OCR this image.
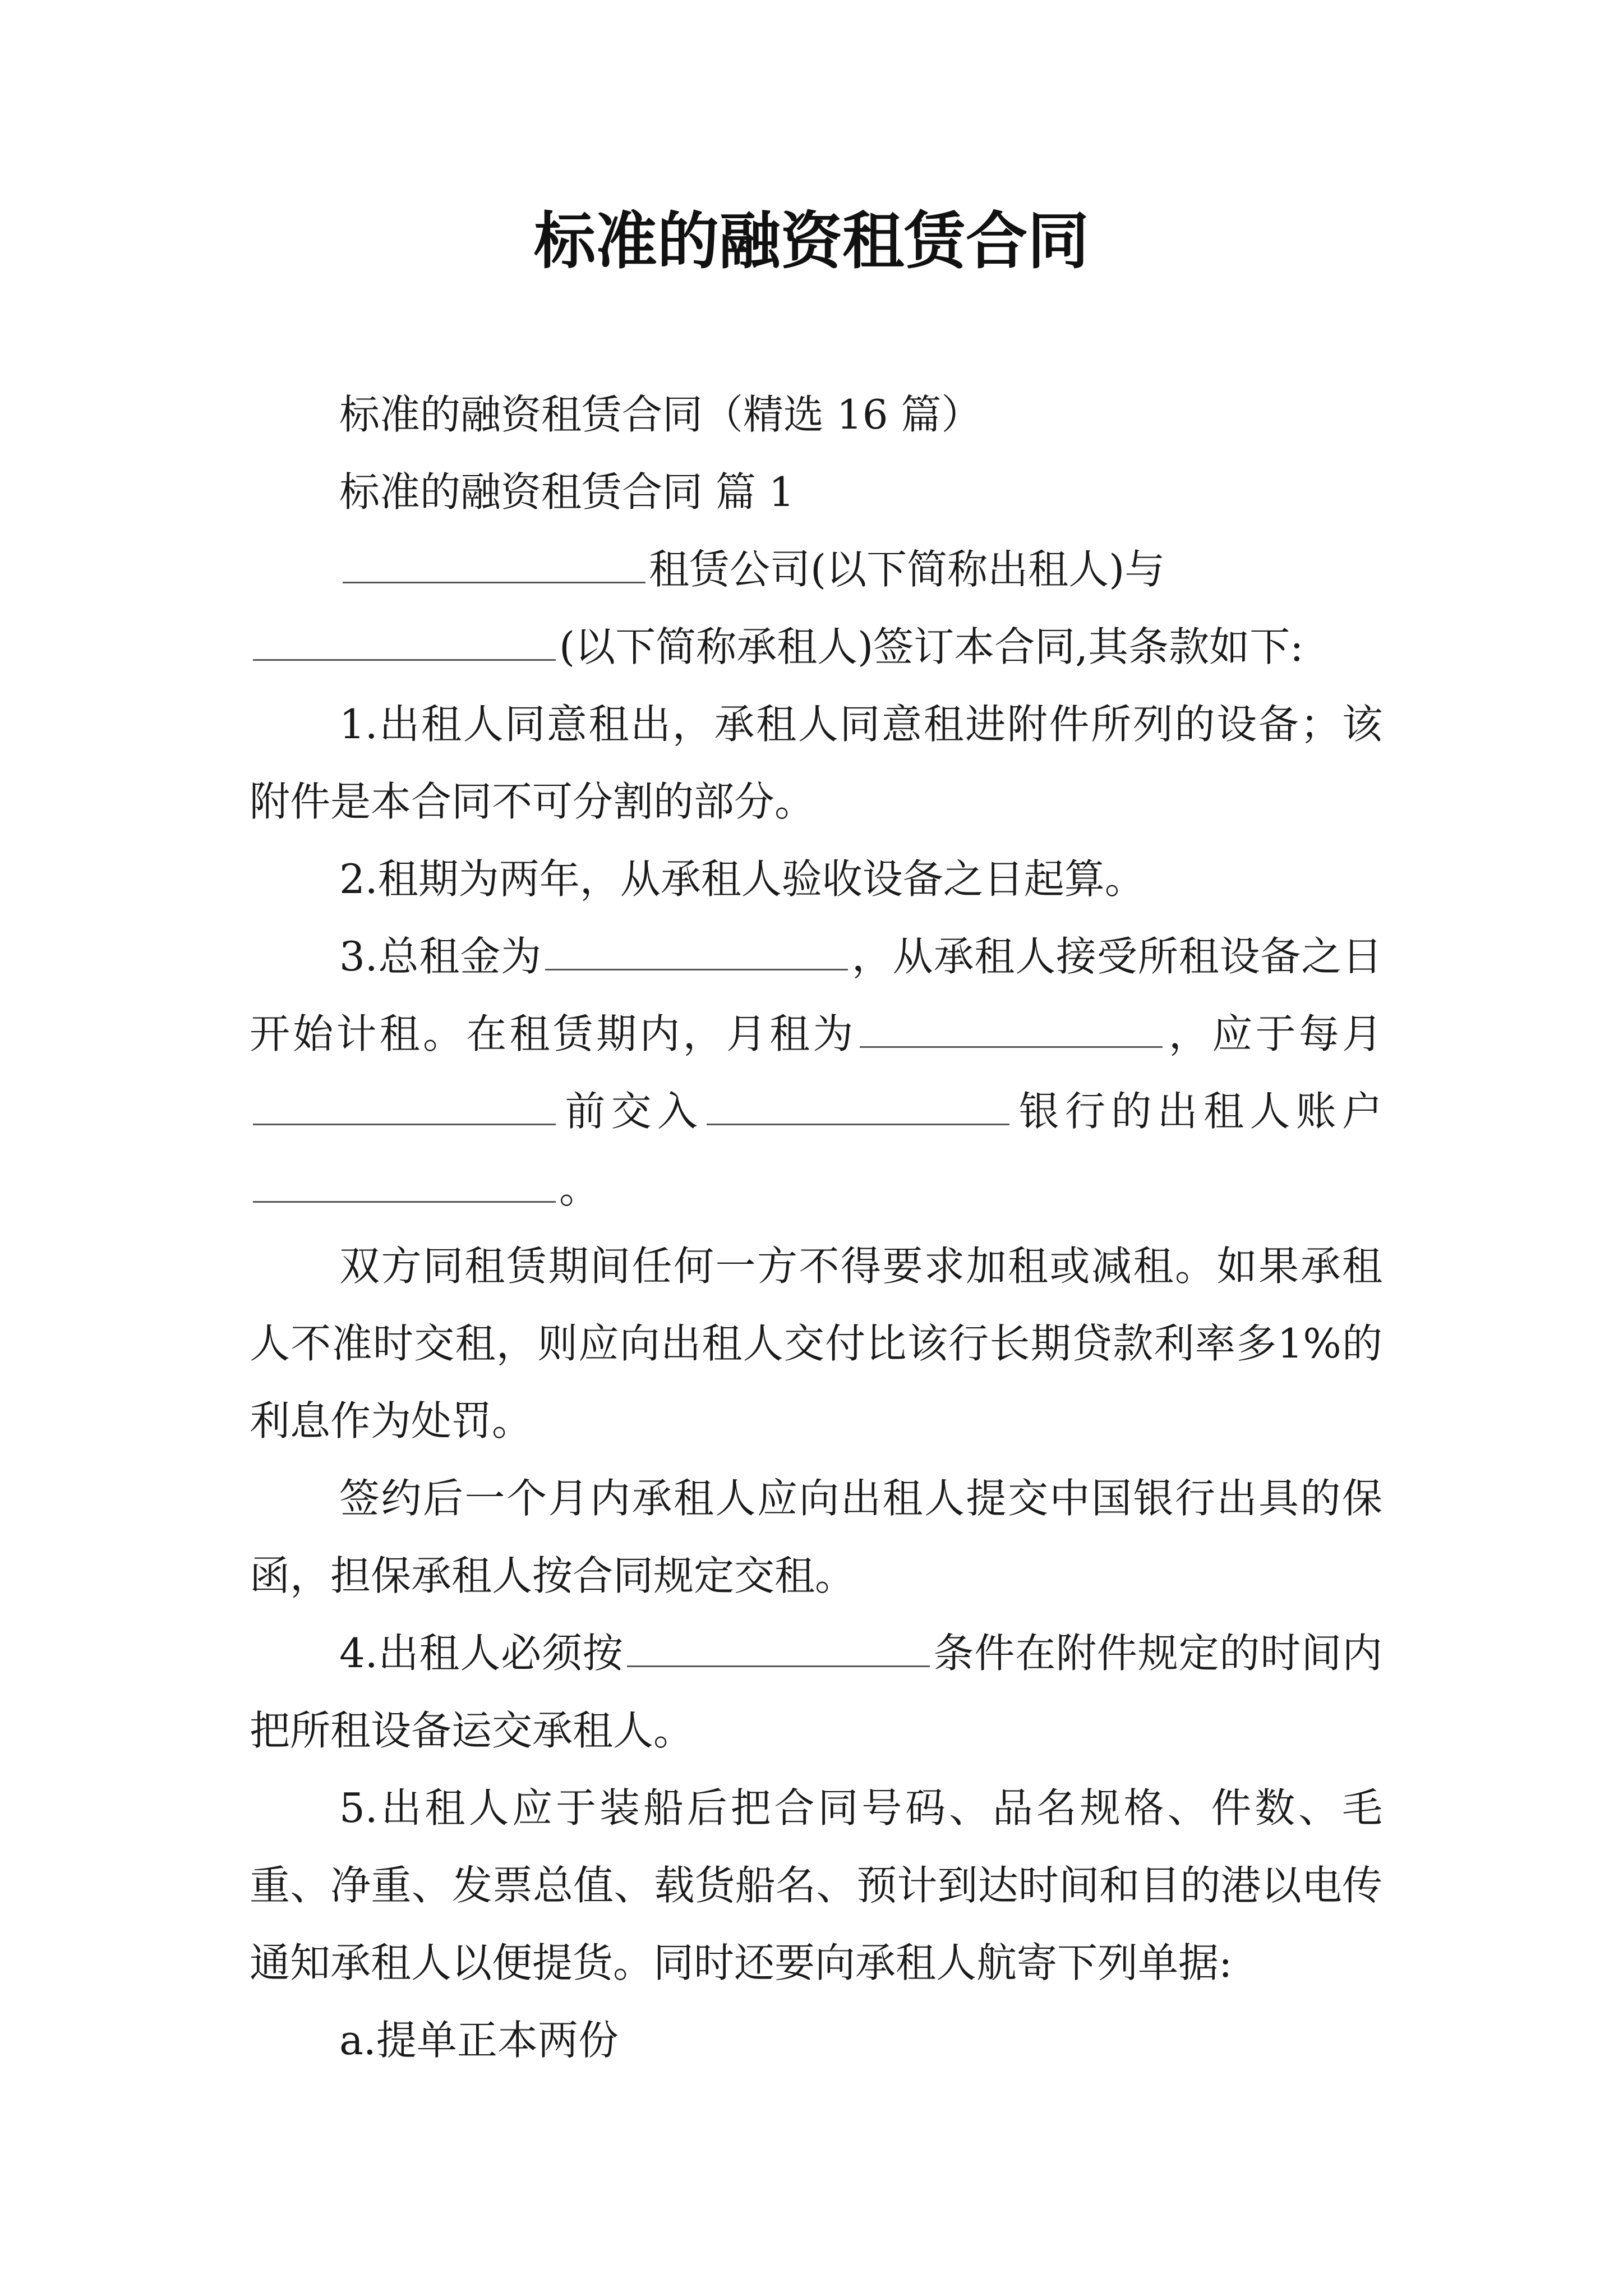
标准的融资租赁合同

标准的融资租赁合同（精选 16 篇）

标准的融资租赁合同 篇 1

租赁公司(以下简称出租人)与

(以下简称承租人)签订本合同,其条款如下:

1.出租人同意租出，承租人同意租进附件所列的设备；该附件是本合同不可分割的部分。

2.租期为两年，从承租人验收设备之日起算。

3.总租金为	，从承租人接受所租设备之日开始计租。在租赁期内，月租为	，应于每月前交入	银行的出租人账户。

双方同租赁期间任何一方不得要求加租或减租。如果承租人不准时交租，则应向出租人交付比该行长期贷款利率多1%的利息作为处罚。

签约后一个月内承租人应向出租人提交中国银行出具的保函，担保承租人按合同规定交租。

4.出租人必须按	条件在附件规定的时间内把所租设备运交承租人。

5.出租人应于装船后把合同号码、品名规格、件数、毛重、净重、发票总值、载货船名、预计到达时间和目的港以电传通知承租人以便提货。同时还要向承租人航寄下列单据:

a.提单正本两份
